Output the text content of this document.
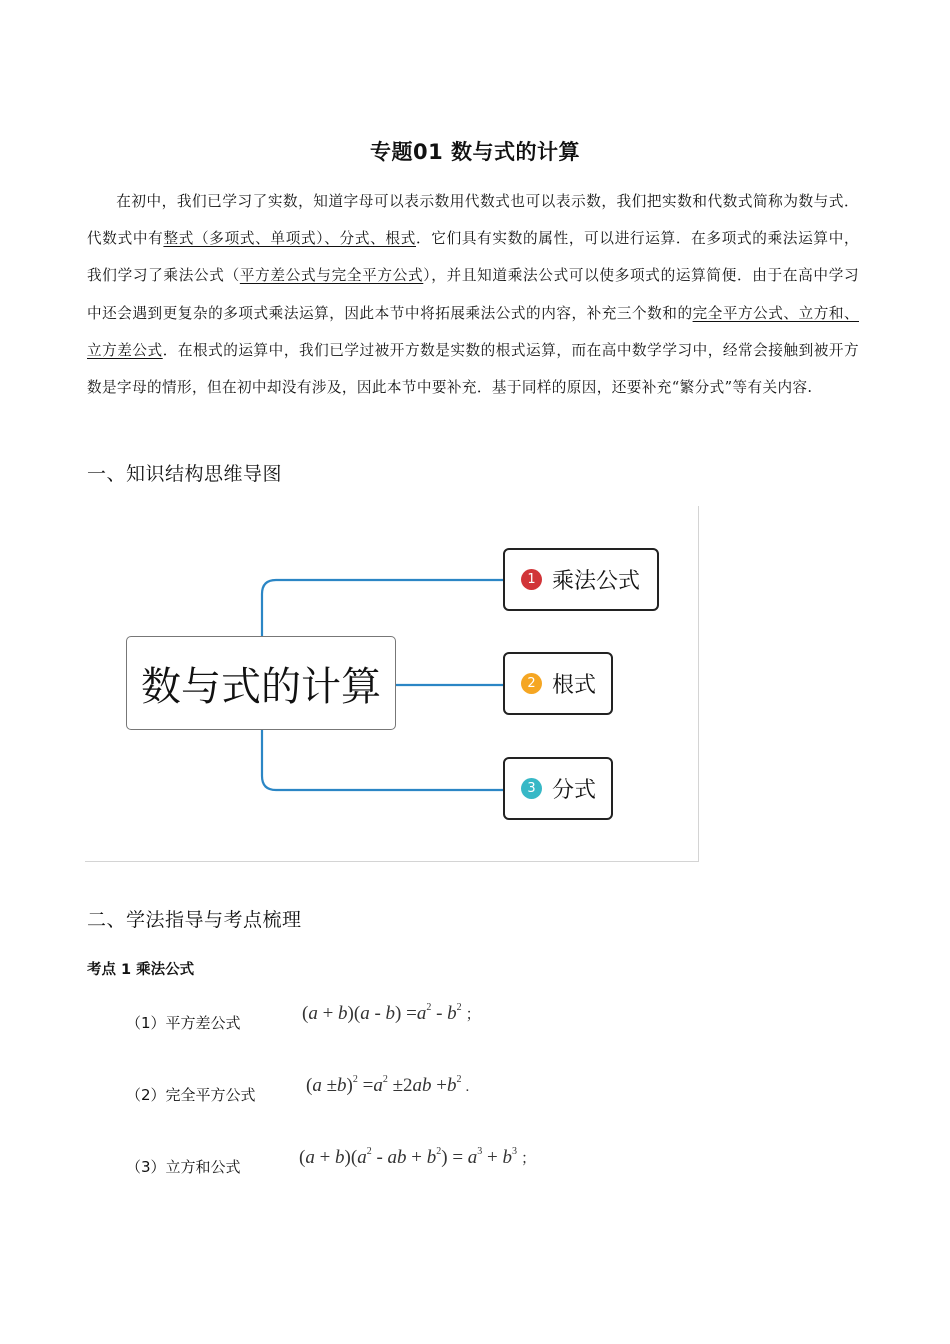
专题01 数与式的计算

在初中，我们已学习了实数，知道字母可以表示数用代数式也可以表示数，我们把实数和代数式简称为数与式．代数式中有整式（多项式、单项式）、分式、根式．它们具有实数的属性，可以进行运算．在多项式的乘法运算中，我们学习了乘法公式（平方差公式与完全平方公式），并且知道乘法公式可以使多项式的运算简便．由于在高中学习中还会遇到更复杂的多项式乘法运算，因此本节中将拓展乘法公式的内容，补充三个数和的完全平方公式、立方和、立方差公式．在根式的运算中，我们已学过被开方数是实数的根式运算，而在高中数学学习中，经常会接触到被开方数是字母的情形，但在初中却没有涉及，因此本节中要补充．基于同样的原因，还要补充“繁分式”等有关内容.

一、知识结构思维导图
数与式的计算
1 乘法公式
2 根式
3 分式
二、学法指导与考点梳理
考点 1 乘法公式
（1）平方差公式	$(a + b)(a - b) =a^2 - b^2$ ；
（2）完全平方公式	$(a \pm b)^2 =a^2 \pm 2ab +b^2$ .
（3）立方和公式	$(a + b)(a^2$ - ab + $b^2) = a^3 + b^3$ ；
